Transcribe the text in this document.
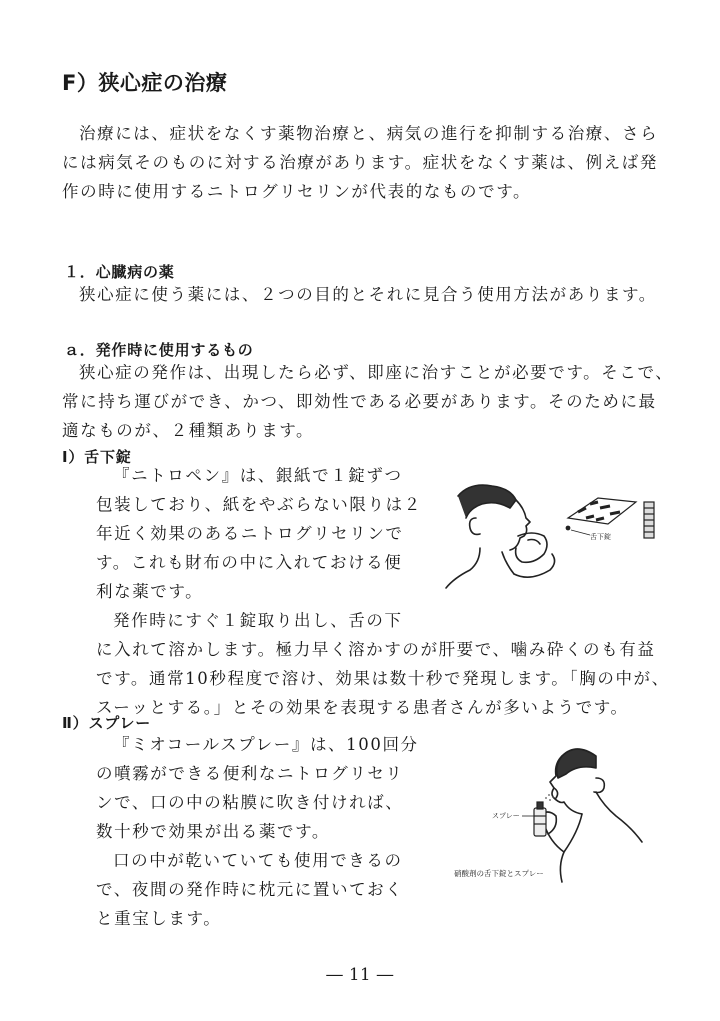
F）狭心症の治療
治療には、症状をなくす薬物治療と、病気の進行を抑制する治療、さら
には病気そのものに対する治療があります。症状をなくす薬は、例えば発
作の時に使用するニトログリセリンが代表的なものです。
１．心臓病の薬
狭心症に使う薬には、２つの目的とそれに見合う使用方法があります。
ａ．発作時に使用するもの
狭心症の発作は、出現したら必ず、即座に治すことが必要です。そこで、
常に持ち運びができ、かつ、即効性である必要があります。そのために最
適なものが、２種類あります。
Ⅰ）舌下錠
『ニトロペン』は、銀紙で１錠ずつ
包装しており、紙をやぶらない限りは２
年近く効果のあるニトログリセリンで
す。これも財布の中に入れておける便
利な薬です。
発作時にすぐ１錠取り出し、舌の下
に入れて溶かします。極力早く溶かすのが肝要で、噛み砕くのも有益
です。通常10秒程度で溶け、効果は数十秒で発現します。「胸の中が、
スーッとする。」とその効果を表現する患者さんが多いようです。
舌下錠
Ⅱ）スプレー
『ミオコールスプレー』は、100回分
の噴霧ができる便利なニトログリセリ
ンで、口の中の粘膜に吹き付ければ、
数十秒で効果が出る薬です。
口の中が乾いていても使用できるの
で、夜間の発作時に枕元に置いておく
と重宝します。
スプレー
硝酸剤の舌下錠とスプレー
― 11 ―
